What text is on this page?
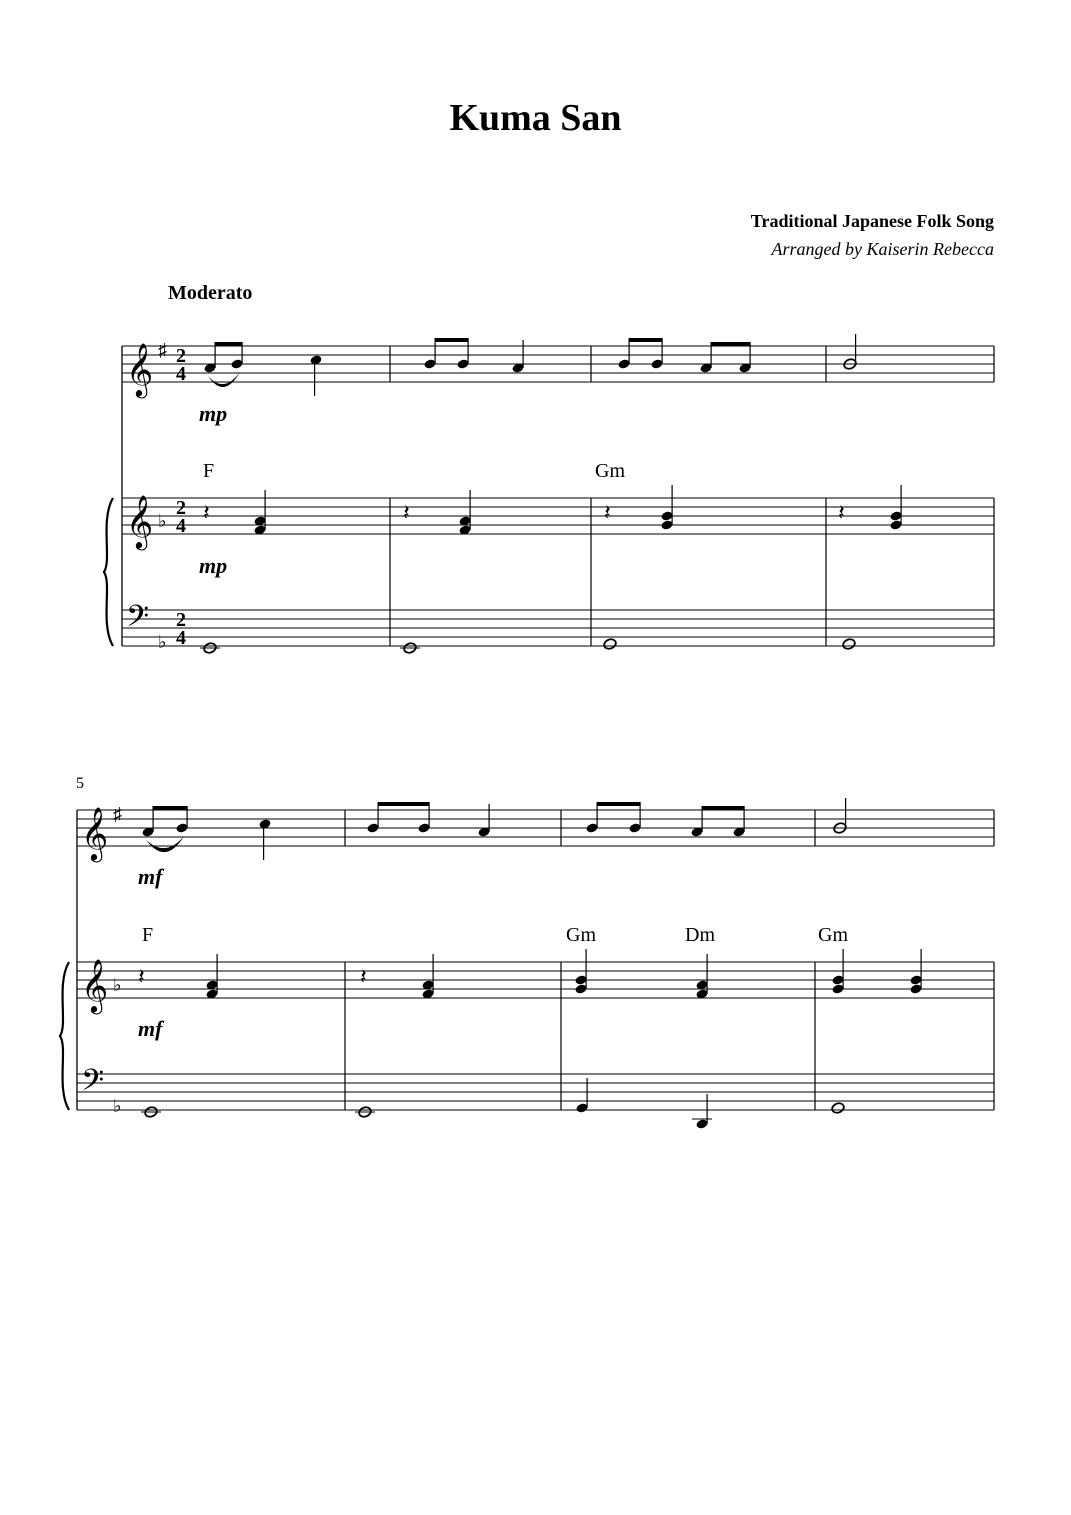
Kuma San
Traditional Japanese Folk Song
Arranged by Kaiserin Rebecca
Moderato
𝄞
𝄞
𝄢
♯
♭
♭
2
4
2
4
2
4
𝄽	𝄽	𝄽	𝄽
mp
mp
F	Gm
5
𝄞
𝄞
𝄢
♯
♭
♭
𝄽	𝄽
mf
mf
F	Gm	Dm	Gm
